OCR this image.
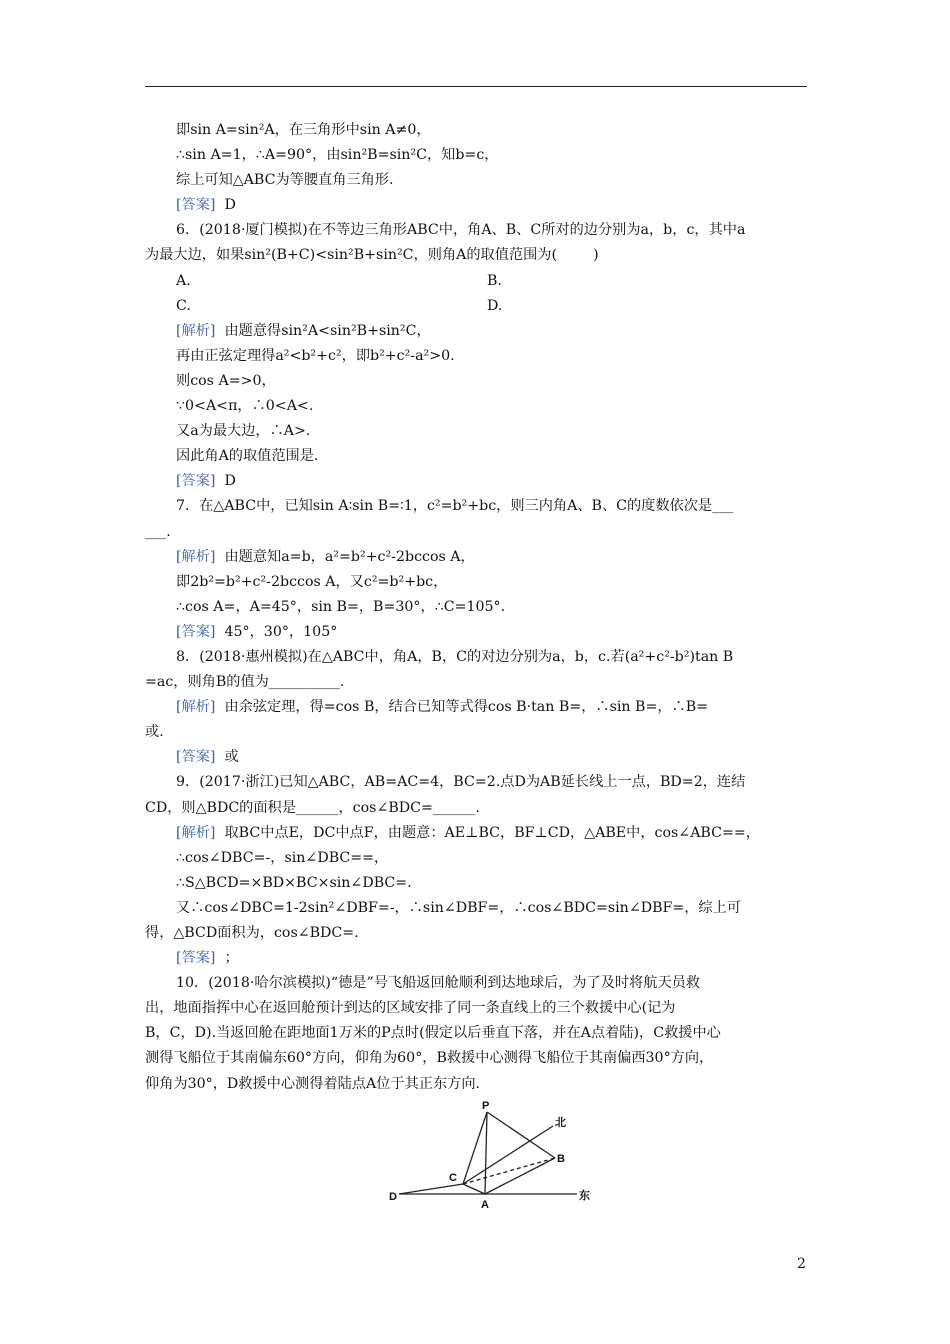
即sin A=sin²A，在三角形中sin A≠0，
∴sin A=1，∴A=90°，由sin²B=sin²C，知b=c，
综上可知△ABC为等腰直角三角形.
[答案]  D
6．(2018·厦门模拟)在不等边三角形ABC中，角A、B、C所对的边分别为a，b，c，其中a
为最大边，如果sin²(B+C)<sin²B+sin²C，则角A的取值范围为(        )
A.	B.
C.	D.
[解析]  由题意得sin²A<sin²B+sin²C，
再由正弦定理得a²<b²+c²，即b²+c²-a²>0.
则cos A=>0，
∵0<A<π，∴0<A<.
又a为最大边，∴A>.
因此角A的取值范围是.
[答案]  D
7．在△ABC中，已知sin A∶sin B=∶1，c²=b²+bc，则三内角A、B、C的度数依次是___
___.
[解析]  由题意知a=b，a²=b²+c²-2bccos A，
即2b²=b²+c²-2bccos A，又c²=b²+bc，
∴cos A=，A=45°，sin B=，B=30°，∴C=105°.
[答案]  45°，30°，105°
8．(2018·惠州模拟)在△ABC中，角A，B，C的对边分别为a，b，c.若(a²+c²-b²)tan B
=ac，则角B的值为__________.
[解析]  由余弦定理，得=cos B，结合已知等式得cos B·tan B=，∴sin B=，∴B=
或.
[答案]  或
9．(2017·浙江)已知△ABC，AB=AC=4，BC=2.点D为AB延长线上一点，BD=2，连结
CD，则△BDC的面积是______，cos∠BDC=______.
[解析]  取BC中点E，DC中点F，由题意：AE⊥BC，BF⊥CD，△ABE中，cos∠ABC==，
∴cos∠DBC=-，sin∠DBC==，
∴S△BCD=×BD×BC×sin∠DBC=.
又∴cos∠DBC=1-2sin²∠DBF=-，∴sin∠DBF=，∴cos∠BDC=sin∠DBF=，综上可
得，△BCD面积为，cos∠BDC=.
[答案]  ；
10．(2018·哈尔滨模拟)“德是”号飞船返回舱顺利到达地球后，为了及时将航天员救
出，地面指挥中心在返回舱预计到达的区域安排了同一条直线上的三个救援中心(记为
B，C，D).当返回舱在距地面1万米的P点时(假定以后垂直下落，并在A点着陆)，C救援中心
测得飞船位于其南偏东60°方向，仰角为60°，B救援中心测得飞船位于其南偏西30°方向，
仰角为30°，D救援中心测得着陆点A位于其正东方向.
P
北
B
C
D
A
东
2
